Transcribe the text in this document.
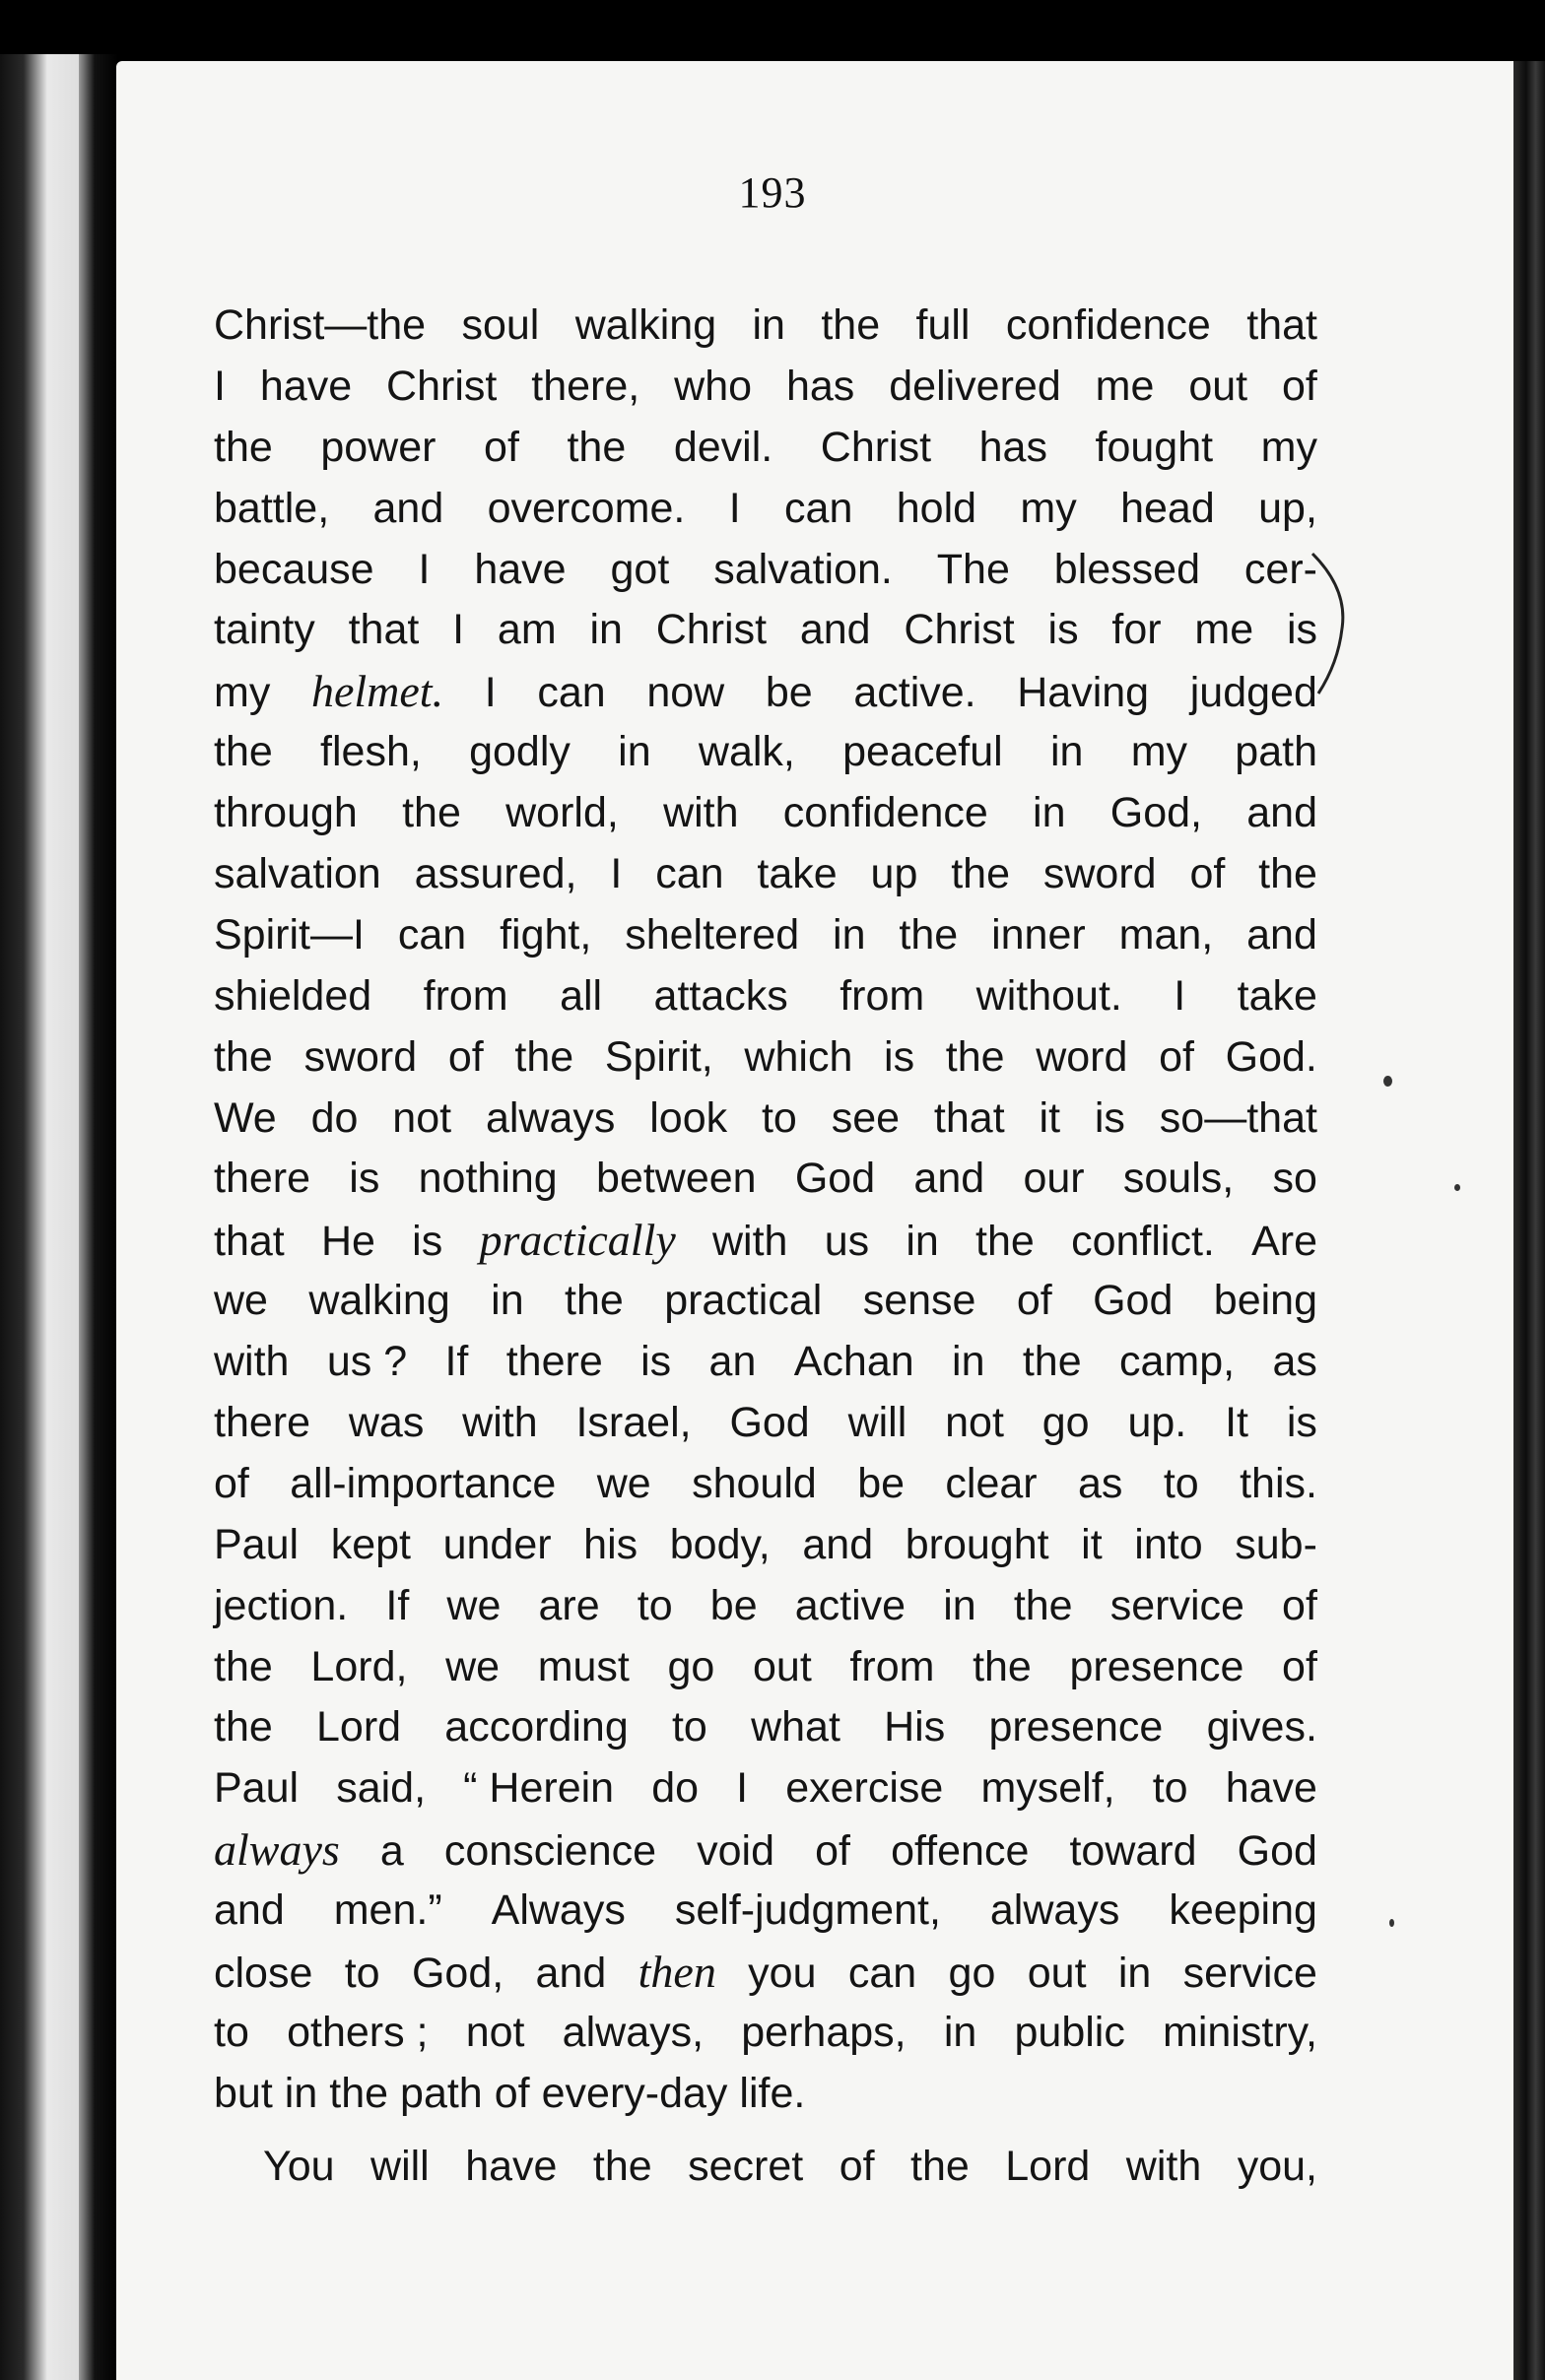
193
Christ—the soul walking in the full confidence that
I have Christ there, who has delivered me out of
the power of the devil. Christ has fought my
battle, and overcome. I can hold my head up,
because I have got salvation. The blessed cer-
tainty that I am in Christ and Christ is for me is
my helmet. I can now be active. Having judged
the flesh, godly in walk, peaceful in my path
through the world, with confidence in God, and
salvation assured, I can take up the sword of the
Spirit—I can fight, sheltered in the inner man, and
shielded from all attacks from without. I take
the sword of the Spirit, which is the word of God.
We do not always look to see that it is so—that
there is nothing between God and our souls, so
that He is practically with us in the conflict. Are
we walking in the practical sense of God being
with us ? If there is an Achan in the camp, as
there was with Israel, God will not go up. It is
of all-importance we should be clear as to this.
Paul kept under his body, and brought it into sub-
jection. If we are to be active in the service of
the Lord, we must go out from the presence of
the Lord according to what His presence gives.
Paul said, “ Herein do I exercise myself, to have
always a conscience void of offence toward God
and men.” Always self-judgment, always keeping
close to God, and then you can go out in service
to others ; not always, perhaps, in public ministry,
but in the path of every-day life.
You will have the secret of the Lord with you,
